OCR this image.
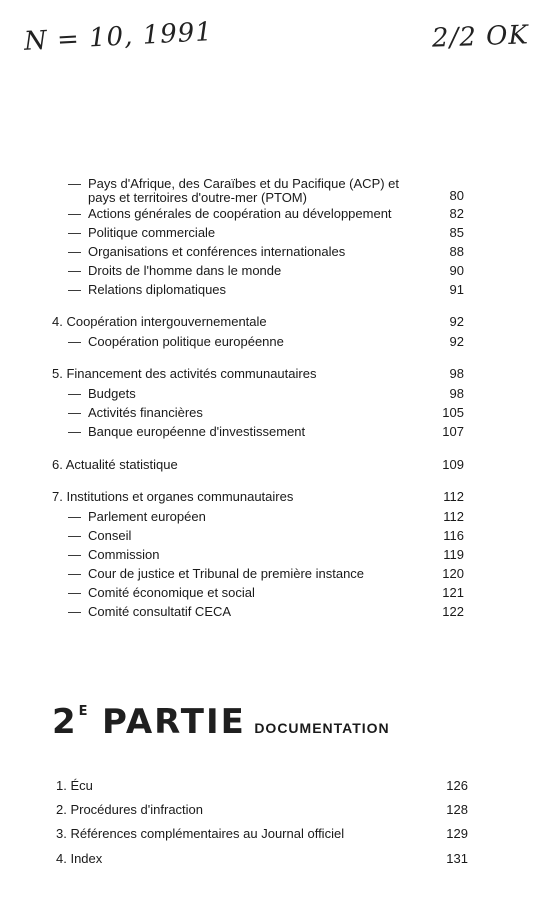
N = 10, 1991	2/2 OK
— Pays d'Afrique, des Caraïbes et du Pacifique (ACP) et
pays et territoires d'outre-mer (PTOM)	80
— Actions générales de coopération au développement	82
— Politique commerciale	85
— Organisations et conférences internationales	88
— Droits de l'homme dans le monde	90
— Relations diplomatiques	91
4. Coopération intergouvernementale	92
— Coopération politique européenne	92
5. Financement des activités communautaires	98
— Budgets	98
— Activités financières	105
— Banque européenne d'investissement	107
6. Actualité statistique	109
7. Institutions et organes communautaires	112
— Parlement européen	112
— Conseil	116
— Commission	119
— Cour de justice et Tribunal de première instance	120
— Comité économique et social	121
— Comité consultatif CECA	122
$2^E$ PARTIE DOCUMENTATION
1. Écu	126
2. Procédures d'infraction	128
3. Références complémentaires au Journal officiel	129
4. Index	131
